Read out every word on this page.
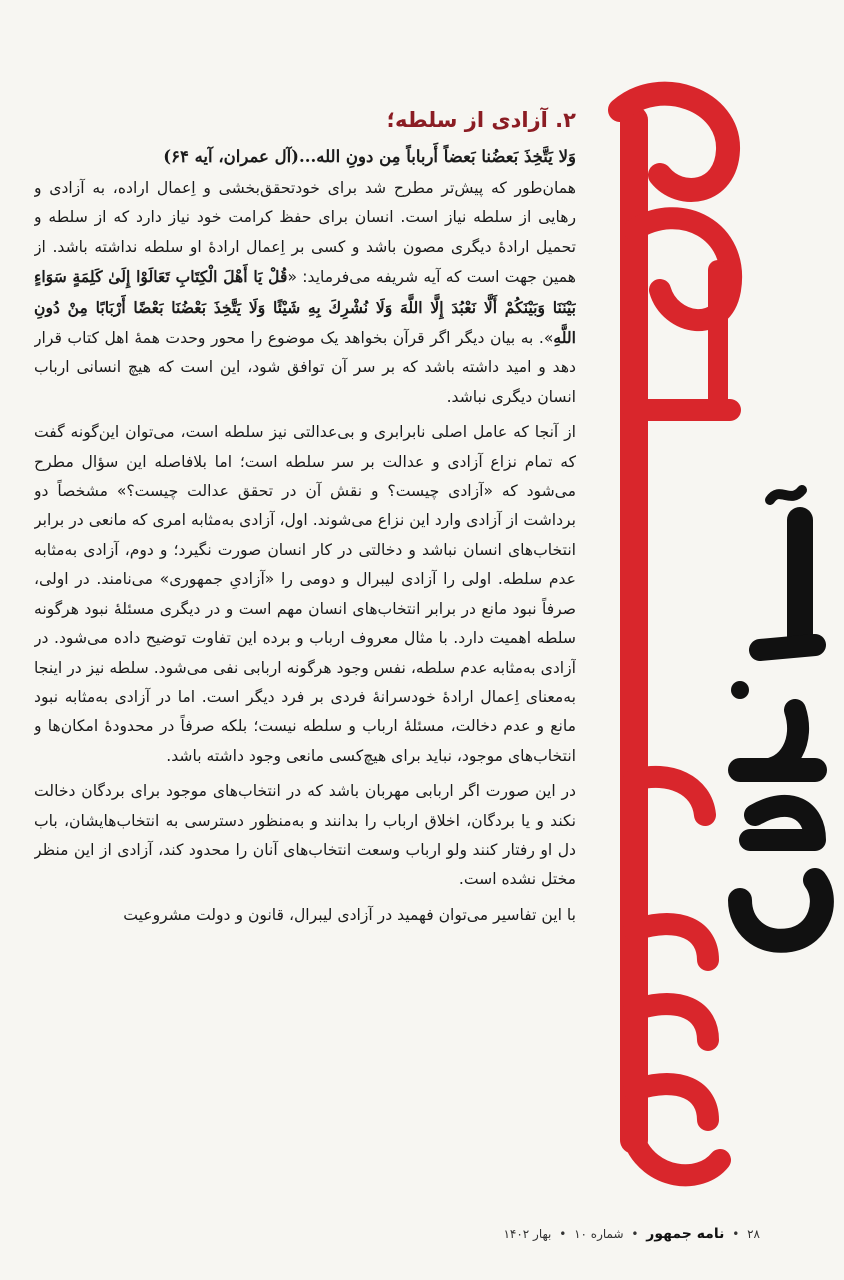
۲. آزادی از سلطه؛
وَلا یَتَّخِذَ بَعضُنا بَعضاً أَرباباً مِن دونِ الله...(آل عمران، آیه ۶۴)

همان‌طور که پیش‌تر مطرح شد برای خودتحقق‌بخشی و اِعمال اراده، به آزادی و رهایی از سلطه نیاز است. انسان برای حفظ کرامت خود نیاز دارد که از سلطه و تحمیل ارادهٔ دیگری مصون باشد و کسی بر اِعمال ارادهٔ او سلطه نداشته باشد. از همین جهت است که آیه شریفه می‌فرماید: «قُلْ يَا أَهْلَ الْكِتَابِ تَعَالَوْا إِلَىٰ كَلِمَةٍ سَوَاءٍ بَيْنَنَا وَبَيْنَكُمْ أَلَّا نَعْبُدَ إِلَّا اللَّهَ وَلَا نُشْرِكَ بِهِ شَيْئًا وَلَا يَتَّخِذَ بَعْضُنَا بَعْضًا أَرْبَابًا مِنْ دُونِ اللَّهِ». به بیان دیگر اگر قرآن بخواهد یک موضوع را محور وحدت همهٔ اهل کتاب قرار دهد و امید داشته باشد که بر سر آن توافق شود، این است که هیچ انسانی ارباب انسان دیگری نباشد.

از آنجا که عامل اصلی نابرابری و بی‌عدالتی نیز سلطه است، می‌توان این‌گونه گفت که تمام نزاع آزادی و عدالت بر سر سلطه است؛ اما بلافاصله این سؤال مطرح می‌شود که «آزادی چیست؟ و نقش آن در تحقق عدالت چیست؟» مشخصاً دو برداشت از آزادی وارد این نزاع می‌شوند. اول، آزادی به‌مثابه امری که مانعی در برابر انتخاب‌های انسان نباشد و دخالتی در کار انسان صورت نگیرد؛ و دوم، آزادی به‌مثابه عدم سلطه. اولی را آزادی لیبرال و دومی را «آزادیِ جمهوری» می‌نامند. در اولی، صرفاً نبود مانع در برابر انتخاب‌های انسان مهم است و در دیگری مسئلهٔ نبود هرگونه سلطه اهمیت دارد. با مثال معروف ارباب و برده این تفاوت توضیح داده می‌شود. در آزادی به‌مثابه عدم سلطه، نفس وجود هرگونه اربابی نفی می‌شود. سلطه نیز در اینجا به‌معنای اِعمال ارادهٔ خودسرانهٔ فردی بر فرد دیگر است. اما در آزادی به‌مثابه نبود مانع و عدم دخالت، مسئلهٔ ارباب و سلطه نیست؛ بلکه صرفاً در محدودهٔ امکان‌ها و انتخاب‌های موجود، نباید برای هیچ‌کسی مانعی وجود داشته باشد.

در این صورت اگر اربابی مهربان باشد که در انتخاب‌های موجود برای بردگان دخالت نکند و یا بردگان، اخلاق ارباب را بدانند و به‌منظور دسترسی به انتخاب‌هایشان، باب دل او رفتار کنند ولو ارباب وسعت انتخاب‌های آنان را محدود کند، آزادی از این منظر مختل نشده است.

با این تفاسیر می‌توان فهمید در آزادی لیبرال، قانون و دولت مشروعیت

۲۸ • نامه جمهور • شماره ۱۰ • بهار ۱۴۰۲
